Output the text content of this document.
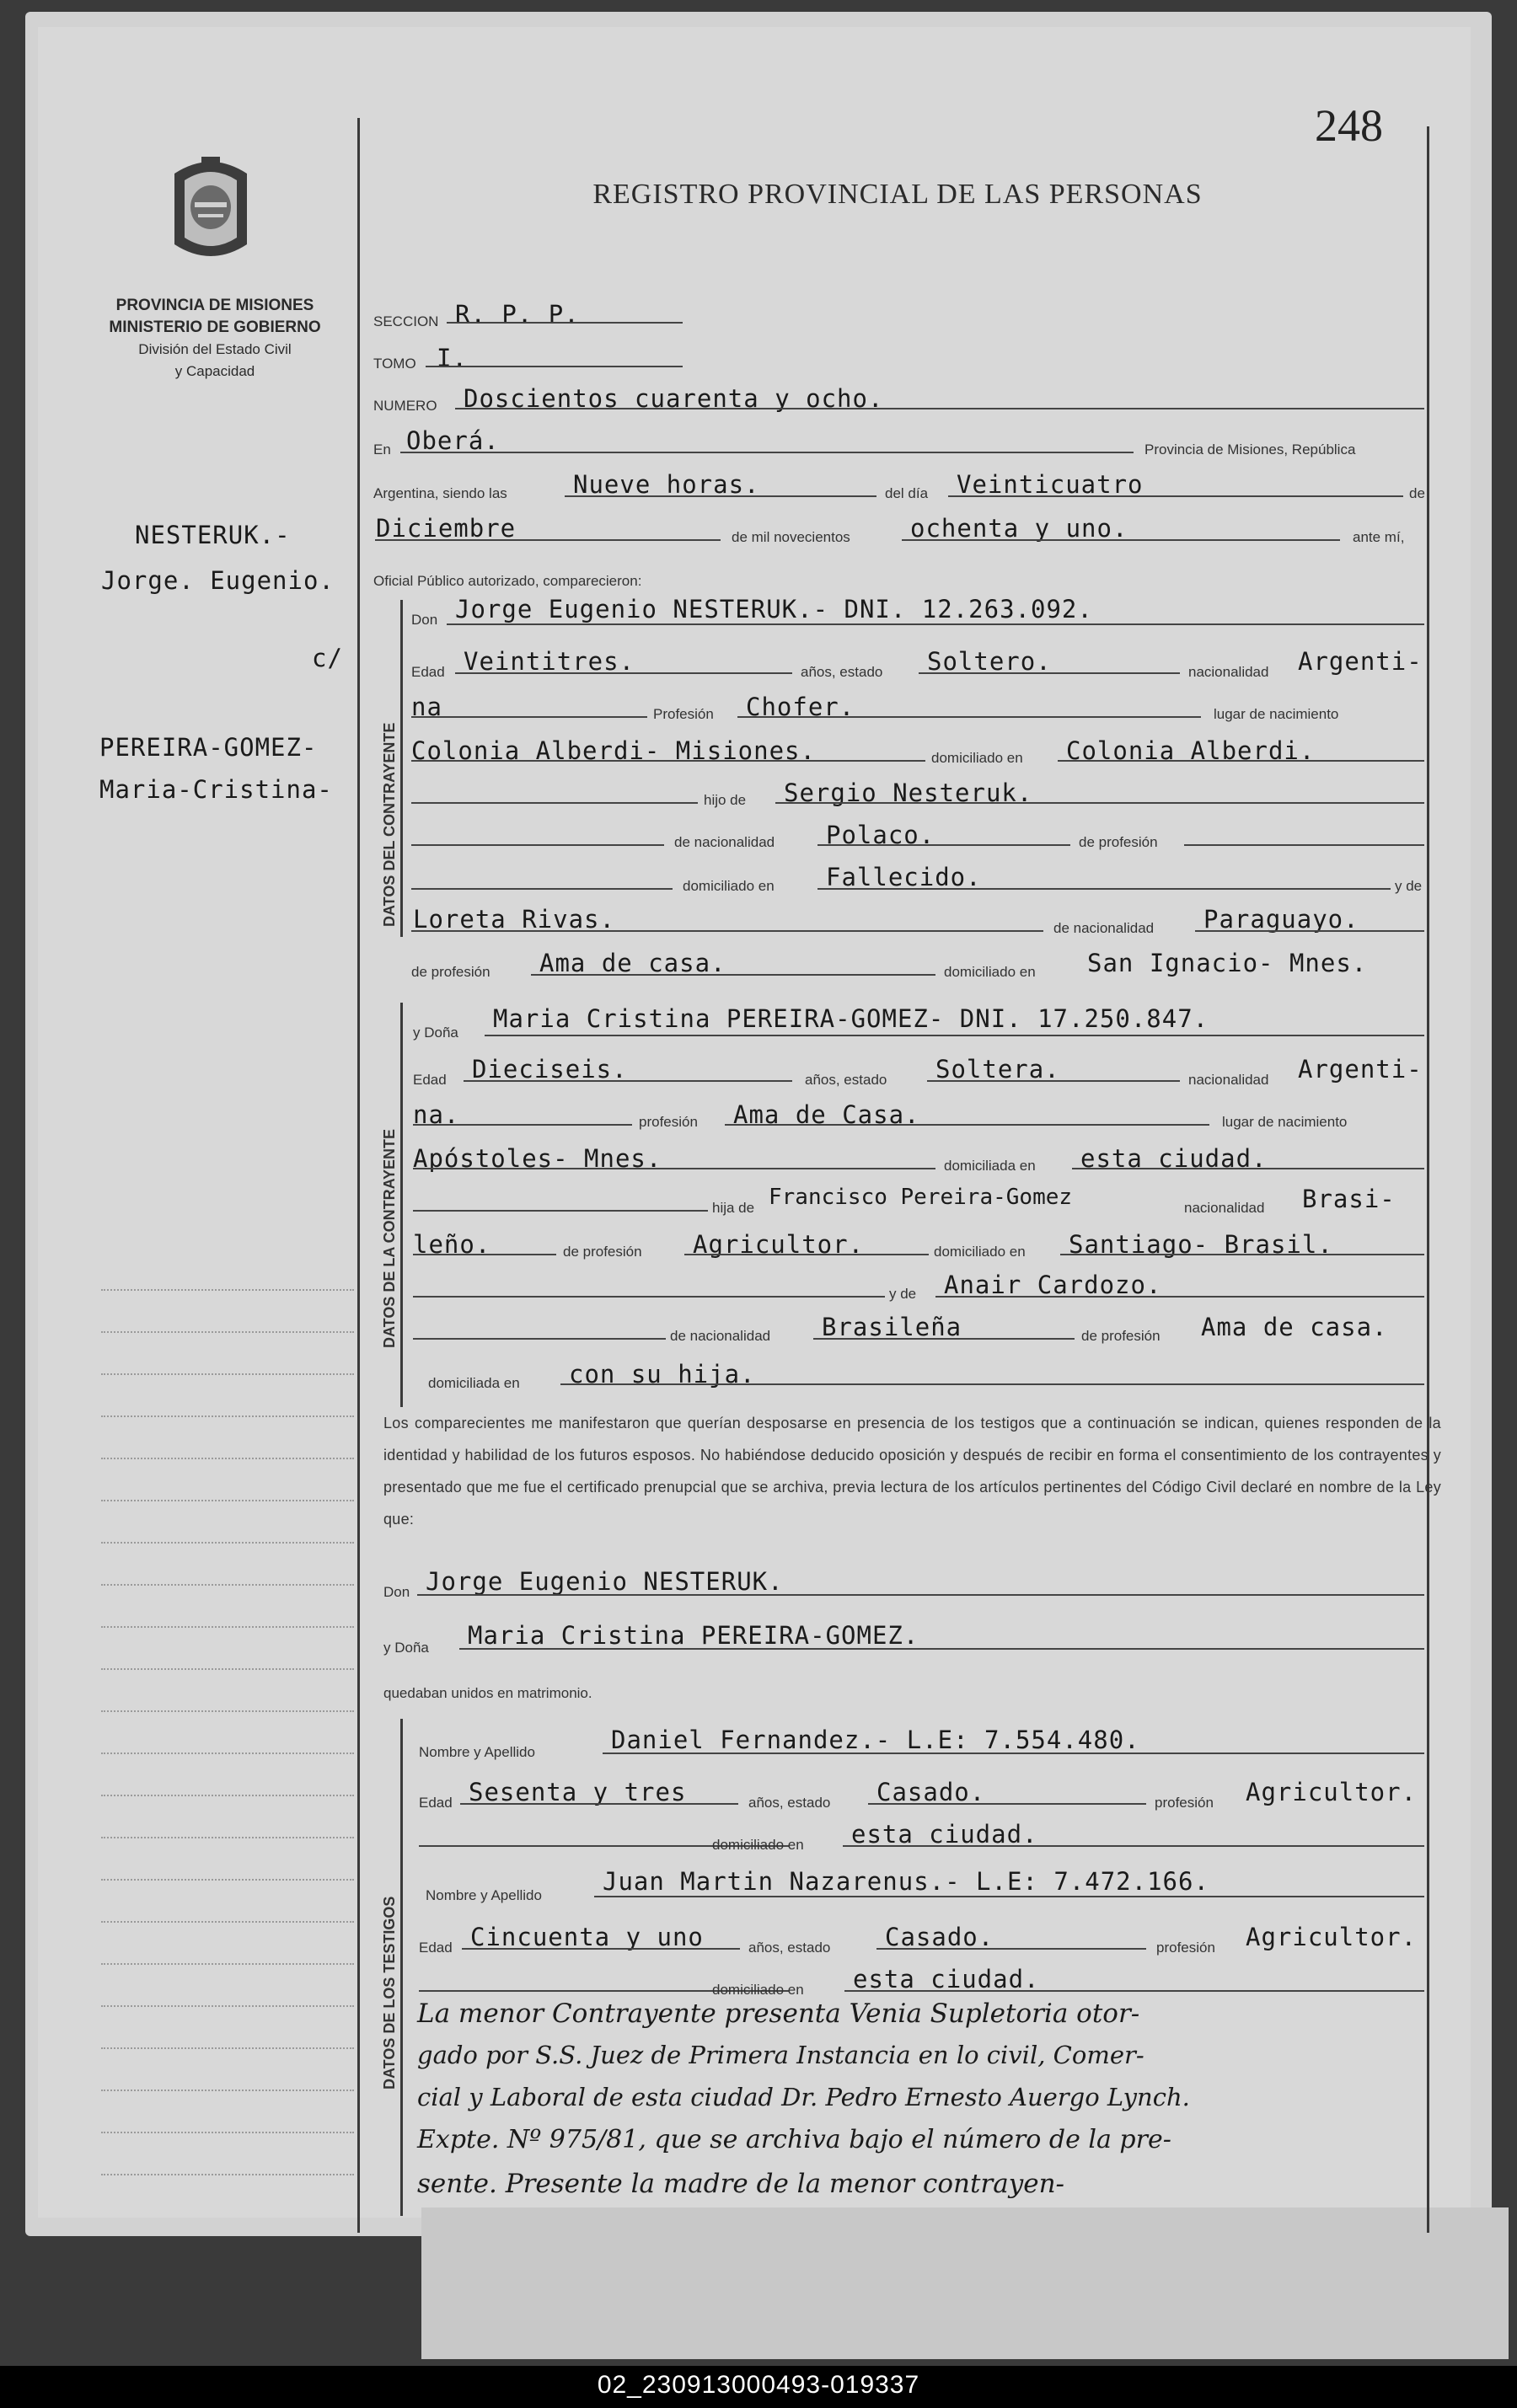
PROVINCIA DE MISIONES
MINISTERIO DE GOBIERNO
División del Estado Civil
y Capacidad
248
REGISTRO PROVINCIAL DE LAS PERSONAS
NESTERUK.-
Jorge. Eugenio.
c/
PEREIRA-GOMEZ-
Maria-Cristina-
SECCION R. P. P.
TOMO I.
NUMERO Doscientos cuarenta y ocho.
En Oberá.	Provincia de Misiones, República
Argentina, siendo las	Nueve horas.	del día Veinticuatro	de
Diciembre	de mil novecientos ochenta y uno.	ante mí,
Oficial Público autorizado, comparecieron:
DATOS DEL CONTRAYENTE
Don Jorge Eugenio NESTERUK.- DNI. 12.263.092.
Edad Veintitres.	años, estado Soltero.	nacionalidad Argenti-
na	Profesión Chofer.	lugar de nacimiento
Colonia Alberdi- Misiones.	domiciliado en Colonia Alberdi.
hijo de Sergio Nesteruk.
de nacionalidad Polaco.	de profesión
domiciliado en Fallecido.	y de
Loreta Rivas.	de nacionalidad Paraguayo.
de profesión Ama de casa.	domiciliado en San Ignacio- Mnes.
DATOS DE LA CONTRAYENTE
y Doña Maria Cristina PEREIRA-GOMEZ- DNI. 17.250.847.
Edad Dieciseis.	años, estado Soltera.	nacionalidad Argenti-
na.	profesión Ama de Casa.	lugar de nacimiento
Apóstoles- Mnes.	domiciliada en esta ciudad.
hija de Francisco Pereira-Gomez	nacionalidad Brasi-
leño.	de profesión Agricultor.	domiciliado en Santiago- Brasil.
y de Anair Cardozo.
de nacionalidad Brasileña	de profesión Ama de casa.
domiciliada en con su hija.
Los comparecientes me manifestaron que querían desposarse en presencia de los testigos que a continuación se indican, quienes responden de la identidad y habilidad de los futuros esposos. No habiéndose deducido oposición y después de recibir en forma el consentimiento de los contrayentes y presentado que me fue el certificado prenupcial que se archiva, previa lectura de los artículos pertinentes del Código Civil declaré en nombre de la Ley que:
Don Jorge Eugenio NESTERUK.
y Doña Maria Cristina PEREIRA-GOMEZ.
quedaban unidos en matrimonio.
DATOS DE LOS TESTIGOS
Nombre y Apellido	Daniel Fernandez.- L.E: 7.554.480.
Edad Sesenta y tres	años, estado Casado.	profesión Agricultor.
domiciliado en esta ciudad.
Nombre y Apellido Juan Martin Nazarenus.- L.E: 7.472.166.
Edad Cincuenta y uno	años, estado Casado.	profesión Agricultor.
domiciliado en esta ciudad.
La menor Contrayente presenta Venia Supletoria otor-
gado por S.S. Juez de Primera Instancia en lo civil, Comer-
cial y Laboral de esta ciudad Dr. Pedro Ernesto Auergo Lynch.
Expte. Nº 975/81, que se archiva bajo el número de la pre-
sente. Presente la madre de la menor contrayen-
02_230913000493-019337
